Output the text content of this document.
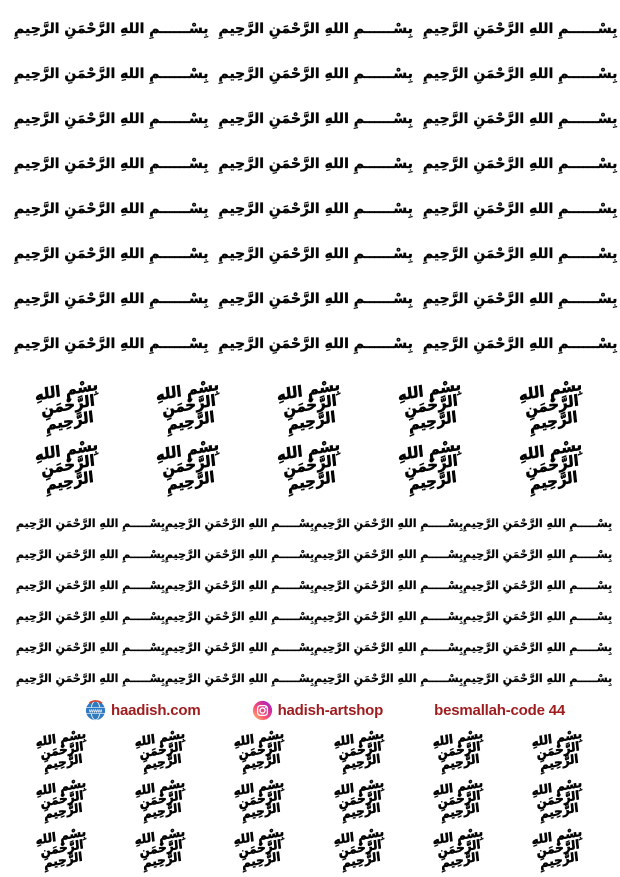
بِسْــــــمِ اللهِ الرَّحْمَنِ الرَّحِيمِ بِسْــــــمِ اللهِ الرَّحْمَنِ الرَّحِيمِ بِسْــــــمِ اللهِ الرَّحْمَنِ الرَّحِيمِ
بِسْــــــمِ اللهِ الرَّحْمَنِ الرَّحِيمِ بِسْــــــمِ اللهِ الرَّحْمَنِ الرَّحِيمِ بِسْــــــمِ اللهِ الرَّحْمَنِ الرَّحِيمِ
بِسْــــــمِ اللهِ الرَّحْمَنِ الرَّحِيمِ بِسْــــــمِ اللهِ الرَّحْمَنِ الرَّحِيمِ بِسْــــــمِ اللهِ الرَّحْمَنِ الرَّحِيمِ
بِسْــــــمِ اللهِ الرَّحْمَنِ الرَّحِيمِ بِسْــــــمِ اللهِ الرَّحْمَنِ الرَّحِيمِ بِسْــــــمِ اللهِ الرَّحْمَنِ الرَّحِيمِ
بِسْــــــمِ اللهِ الرَّحْمَنِ الرَّحِيمِ بِسْــــــمِ اللهِ الرَّحْمَنِ الرَّحِيمِ بِسْــــــمِ اللهِ الرَّحْمَنِ الرَّحِيمِ
بِسْــــــمِ اللهِ الرَّحْمَنِ الرَّحِيمِ بِسْــــــمِ اللهِ الرَّحْمَنِ الرَّحِيمِ بِسْــــــمِ اللهِ الرَّحْمَنِ الرَّحِيمِ
بِسْــــــمِ اللهِ الرَّحْمَنِ الرَّحِيمِ بِسْــــــمِ اللهِ الرَّحْمَنِ الرَّحِيمِ بِسْــــــمِ اللهِ الرَّحْمَنِ الرَّحِيمِ
بِسْــــــمِ اللهِ الرَّحْمَنِ الرَّحِيمِ بِسْــــــمِ اللهِ الرَّحْمَنِ الرَّحِيمِ بِسْــــــمِ اللهِ الرَّحْمَنِ الرَّحِيمِ
بِسْمِ اللهِ الرَّحْمَنِ الرَّحِيمِ
بِسْمِ اللهِ الرَّحْمَنِ الرَّحِيمِ
بِسْمِ اللهِ الرَّحْمَنِ الرَّحِيمِ
بِسْمِ اللهِ الرَّحْمَنِ الرَّحِيمِ
بِسْمِ اللهِ الرَّحْمَنِ الرَّحِيمِ
بِسْمِ اللهِ الرَّحْمَنِ الرَّحِيمِ
بِسْمِ اللهِ الرَّحْمَنِ الرَّحِيمِ
بِسْمِ اللهِ الرَّحْمَنِ الرَّحِيمِ
بِسْمِ اللهِ الرَّحْمَنِ الرَّحِيمِ
بِسْمِ اللهِ الرَّحْمَنِ الرَّحِيمِ
بِسْـــــمِ اللهِ الرَّحْمَنِ الرَّحِيمِ بِسْـــــمِ اللهِ الرَّحْمَنِ الرَّحِيمِ بِسْـــــمِ اللهِ الرَّحْمَنِ الرَّحِيمِ بِسْـــــمِ اللهِ الرَّحْمَنِ الرَّحِيمِ
بِسْـــــمِ اللهِ الرَّحْمَنِ الرَّحِيمِ بِسْـــــمِ اللهِ الرَّحْمَنِ الرَّحِيمِ بِسْـــــمِ اللهِ الرَّحْمَنِ الرَّحِيمِ بِسْـــــمِ اللهِ الرَّحْمَنِ الرَّحِيمِ
بِسْـــــمِ اللهِ الرَّحْمَنِ الرَّحِيمِ بِسْـــــمِ اللهِ الرَّحْمَنِ الرَّحِيمِ بِسْـــــمِ اللهِ الرَّحْمَنِ الرَّحِيمِ بِسْـــــمِ اللهِ الرَّحْمَنِ الرَّحِيمِ
بِسْـــــمِ اللهِ الرَّحْمَنِ الرَّحِيمِ بِسْـــــمِ اللهِ الرَّحْمَنِ الرَّحِيمِ بِسْـــــمِ اللهِ الرَّحْمَنِ الرَّحِيمِ بِسْـــــمِ اللهِ الرَّحْمَنِ الرَّحِيمِ
بِسْـــــمِ اللهِ الرَّحْمَنِ الرَّحِيمِ بِسْـــــمِ اللهِ الرَّحْمَنِ الرَّحِيمِ بِسْـــــمِ اللهِ الرَّحْمَنِ الرَّحِيمِ بِسْـــــمِ اللهِ الرَّحْمَنِ الرَّحِيمِ
بِسْـــــمِ اللهِ الرَّحْمَنِ الرَّحِيمِ بِسْـــــمِ اللهِ الرَّحْمَنِ الرَّحِيمِ بِسْـــــمِ اللهِ الرَّحْمَنِ الرَّحِيمِ بِسْـــــمِ اللهِ الرَّحْمَنِ الرَّحِيمِ
www haadish.com	hadish-artshop	besmallah-code 44
بِسْمِ اللهِ الرَّحْمَنِ الرَّحِيمِ
بِسْمِ اللهِ الرَّحْمَنِ الرَّحِيمِ
بِسْمِ اللهِ الرَّحْمَنِ الرَّحِيمِ
بِسْمِ اللهِ الرَّحْمَنِ الرَّحِيمِ
بِسْمِ اللهِ الرَّحْمَنِ الرَّحِيمِ
بِسْمِ اللهِ الرَّحْمَنِ الرَّحِيمِ
بِسْمِ اللهِ الرَّحْمَنِ الرَّحِيمِ
بِسْمِ اللهِ الرَّحْمَنِ الرَّحِيمِ
بِسْمِ اللهِ الرَّحْمَنِ الرَّحِيمِ
بِسْمِ اللهِ الرَّحْمَنِ الرَّحِيمِ
بِسْمِ اللهِ الرَّحْمَنِ الرَّحِيمِ
بِسْمِ اللهِ الرَّحْمَنِ الرَّحِيمِ
بِسْمِ اللهِ الرَّحْمَنِ الرَّحِيمِ
بِسْمِ اللهِ الرَّحْمَنِ الرَّحِيمِ
بِسْمِ اللهِ الرَّحْمَنِ الرَّحِيمِ
بِسْمِ اللهِ الرَّحْمَنِ الرَّحِيمِ
بِسْمِ اللهِ الرَّحْمَنِ الرَّحِيمِ
بِسْمِ اللهِ الرَّحْمَنِ الرَّحِيمِ
